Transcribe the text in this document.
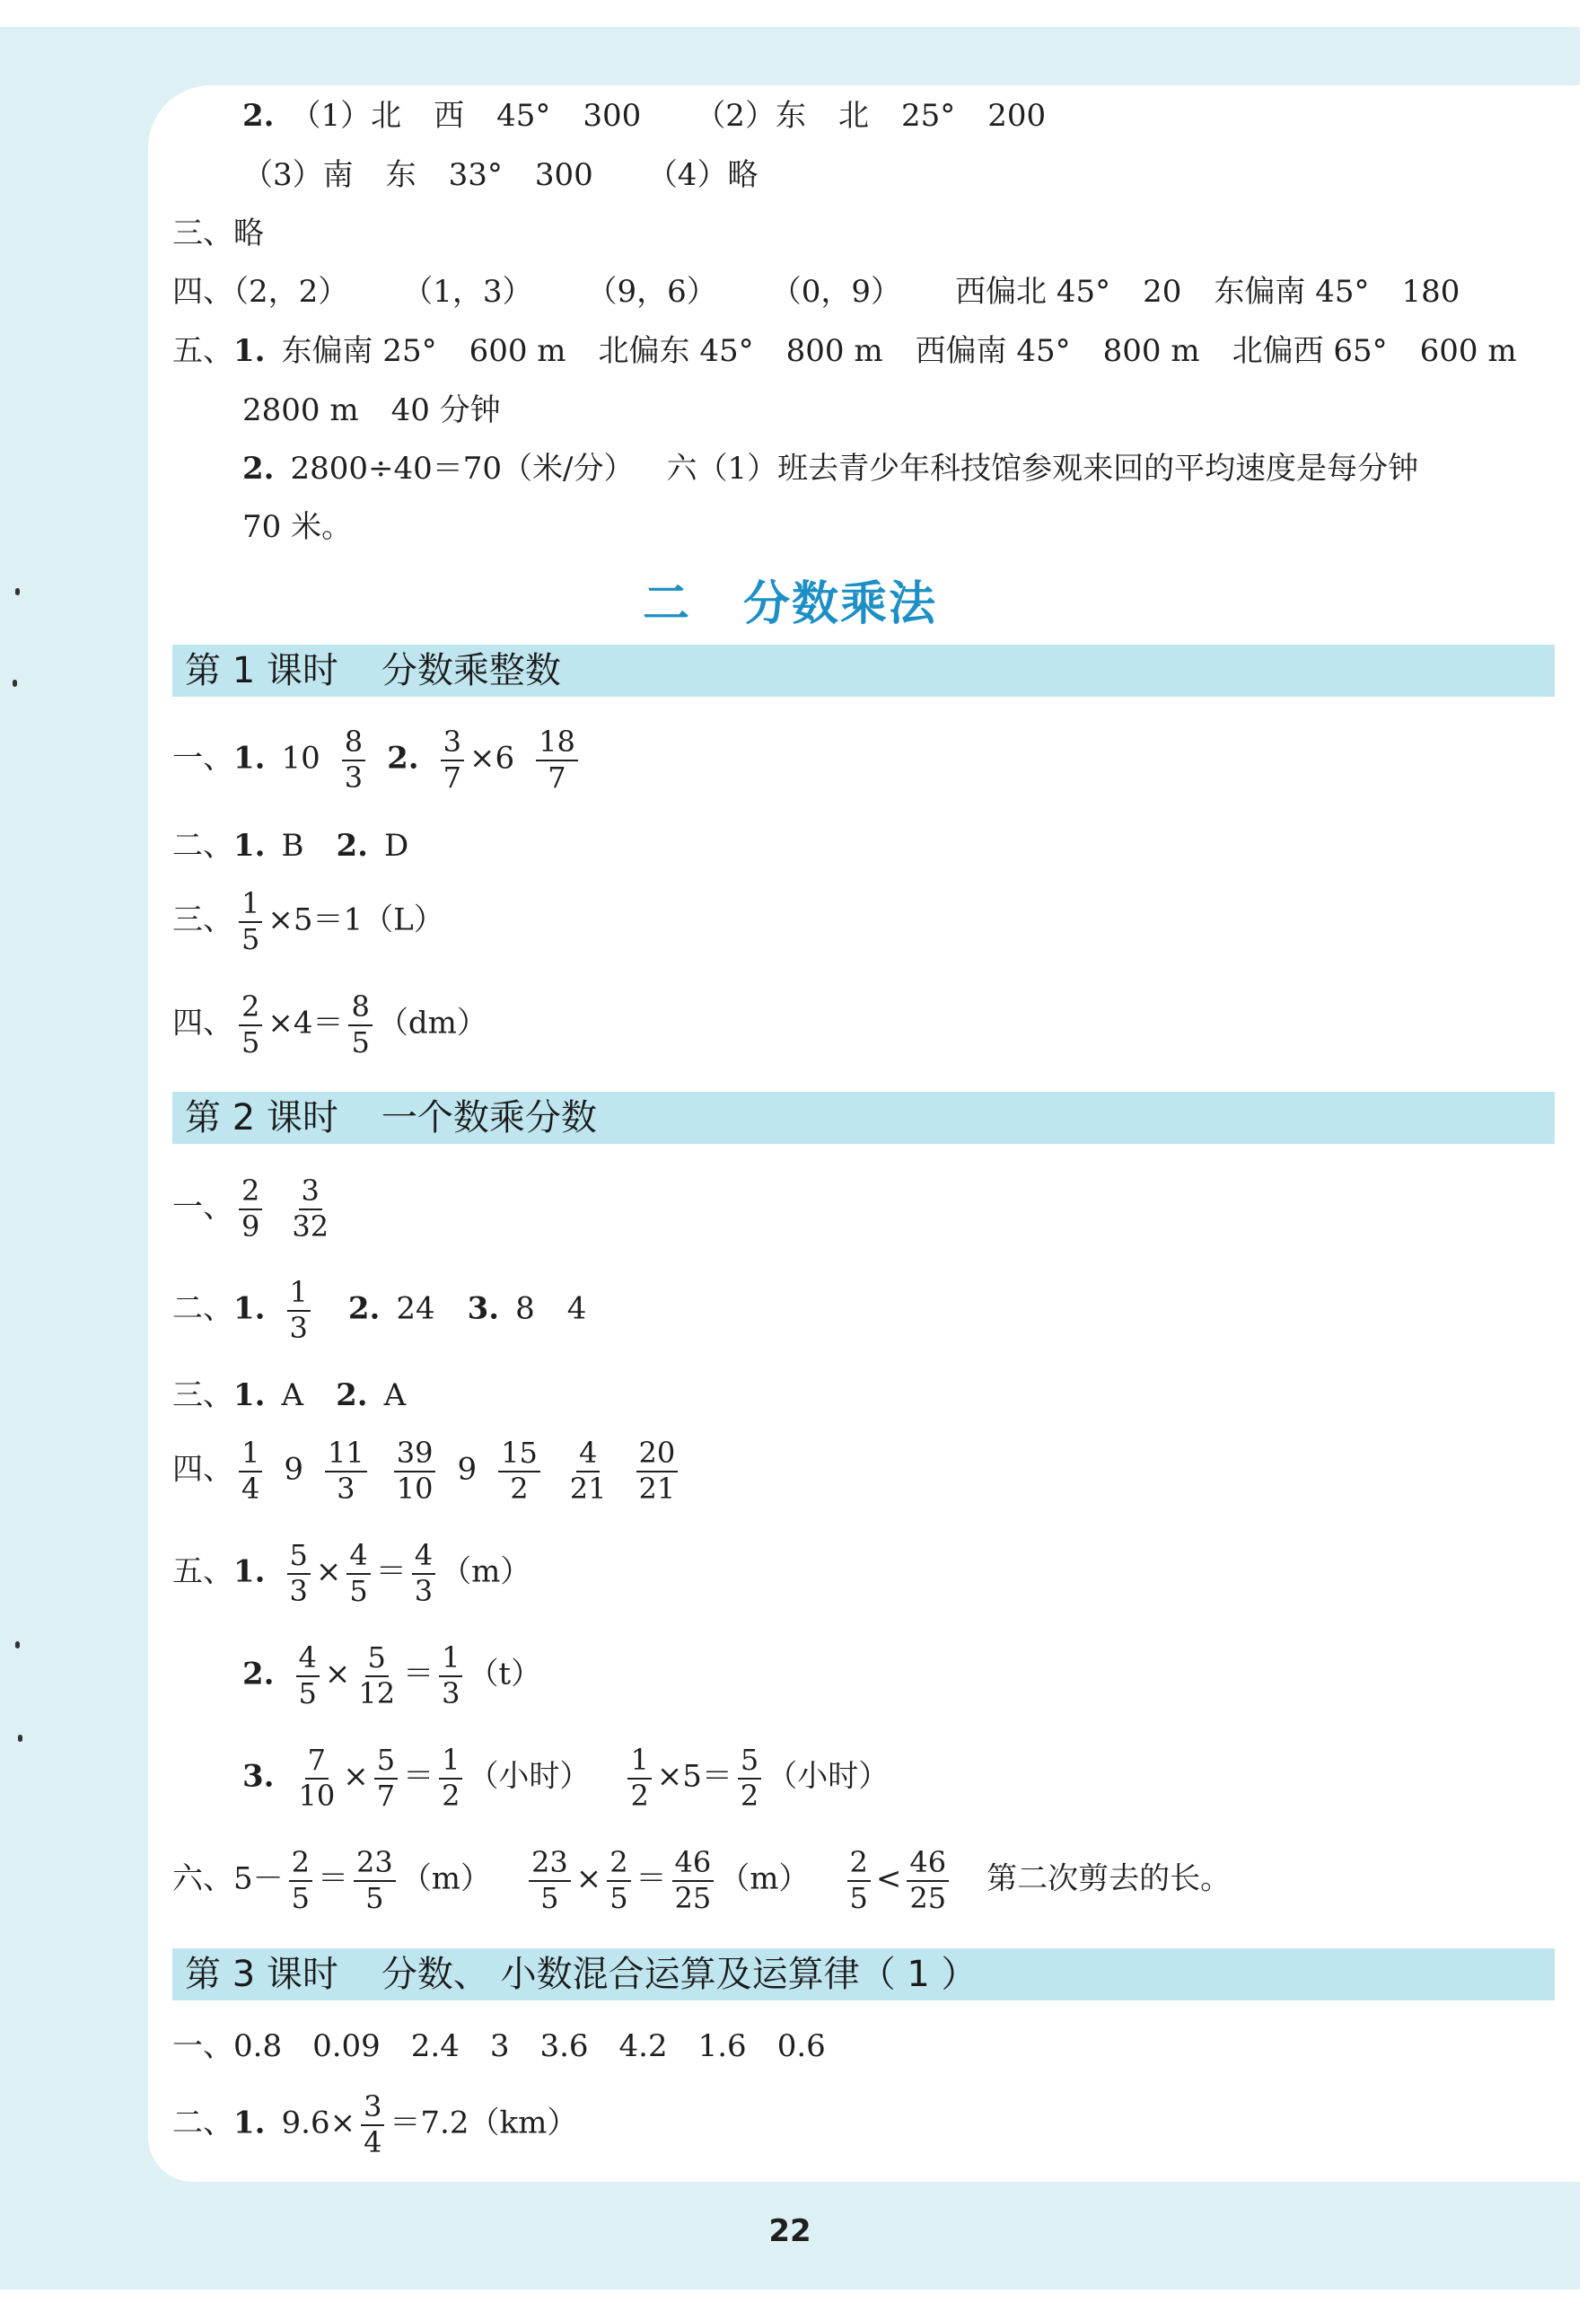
2. （1）北 西 45° 300 （2）东 北 25° 200
（3）南 东 33° 300 （4）略
三、略
四、（2，2） （1，3） （9，6） （0，9） 西偏北 45° 20 东偏南 45° 180
五、1. 东偏南 25° 600 m 北偏东 45° 800 m 西偏南 45° 800 m 北偏西 65° 600 m
2800 m 40 分钟
2. 2800÷40＝70（米/分） 六（1）班去青少年科技馆参观来回的平均速度是每分钟
70 米。
二 分数乘法
第 1 课时 分数乘整数
一、1. $10 \frac{8}{3} 2$. $\frac{3}{7} \times 6 \frac{18}{7}$
二、1. B 2. D
三、 $\frac{1}{5} \times 5=1(L)$
四、 $\frac{2}{5} \times 4= \frac{8}{5} (dm)$
第 2 课时 一个数乘分数
一、 $\frac{2}{9} \frac{3}{32}$
二、1. $\frac{1}{3} 2$. 24 3. 8 4
三、1. A 2. A
四、 $\frac{1}{4} 9 \frac{11}{3} \frac{39}{10} 9 \frac{15}{2} \frac{4}{21} \frac{20}{21}$
五、1. $\frac{5}{3} \times \frac{4}{5} = \frac{4}{3} (m)$
2. $\frac{4}{5} \times \frac{5}{12} = \frac{1}{3} (t)$
3. $\frac{7}{10} \times \frac{5}{7} = \frac{1}{2}$ （小时） $\frac{1}{2} \times 5= \frac{5}{2}$ （小时）
六、$5- \frac{2}{5} = \frac{23}{5} (m) \frac{23}{5} \times \frac{2}{5} = \frac{46}{25} (m) \frac{2}{5} < \frac{46}{25}$ 第二次剪去的长。
第 3 课时 分数、 小数混合运算及运算律（ 1 ）
一、0.8　0.09　2.4　3　3.6　4.2　1.6　0.6
二、1. $9.6\times \frac{3}{4} =7.2(km)$
22
